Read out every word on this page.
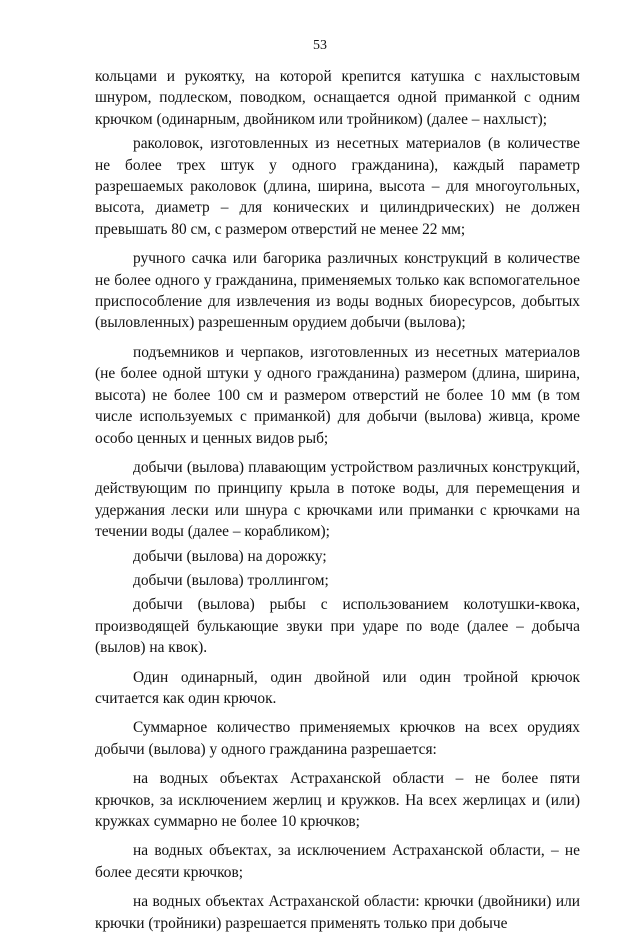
53

кольцами и рукоятку, на которой крепится катушка с нахлыстовым шнуром, подлеском, поводком, оснащается одной приманкой с одним крючком (одинарным, двойником или тройником) (далее – нахлыст);

раколовок, изготовленных из несетных материалов (в количестве не более трех штук у одного гражданина), каждый параметр разрешаемых раколовок (длина, ширина, высота – для многоугольных, высота, диаметр – для конических и цилиндрических) не должен превышать 80 см, с размером отверстий не менее 22 мм;

ручного сачка или багорика различных конструкций в количестве не более одного у гражданина, применяемых только как вспомогательное приспособление для извлечения из воды водных биоресурсов, добытых (выловленных) разрешенным орудием добычи (вылова);

подъемников и черпаков, изготовленных из несетных материалов (не более одной штуки у одного гражданина) размером (длина, ширина, высота) не более 100 см и размером отверстий не более 10 мм (в том числе используемых с приманкой) для добычи (вылова) живца, кроме особо ценных и ценных видов рыб;

добычи (вылова) плавающим устройством различных конструкций, действующим по принципу крыла в потоке воды, для перемещения и удержания лески или шнура с крючками или приманки с крючками на течении воды (далее – корабликом);

добычи (вылова) на дорожку;

добычи (вылова) троллингом;

добычи (вылова) рыбы с использованием колотушки-квока, производящей булькающие звуки при ударе по воде (далее – добыча (вылов) на квок).

Один одинарный, один двойной или один тройной крючок считается как один крючок.

Суммарное количество применяемых крючков на всех орудиях добычи (вылова) у одного гражданина разрешается:

на водных объектах Астраханской области – не более пяти крючков, за исключением жерлиц и кружков. На всех жерлицах и (или) кружках суммарно не более 10 крючков;

на водных объектах, за исключением Астраханской области, – не более десяти крючков;

на водных объектах Астраханской области: крючки (двойники) или крючки (тройники) разрешается применять только при добыче
